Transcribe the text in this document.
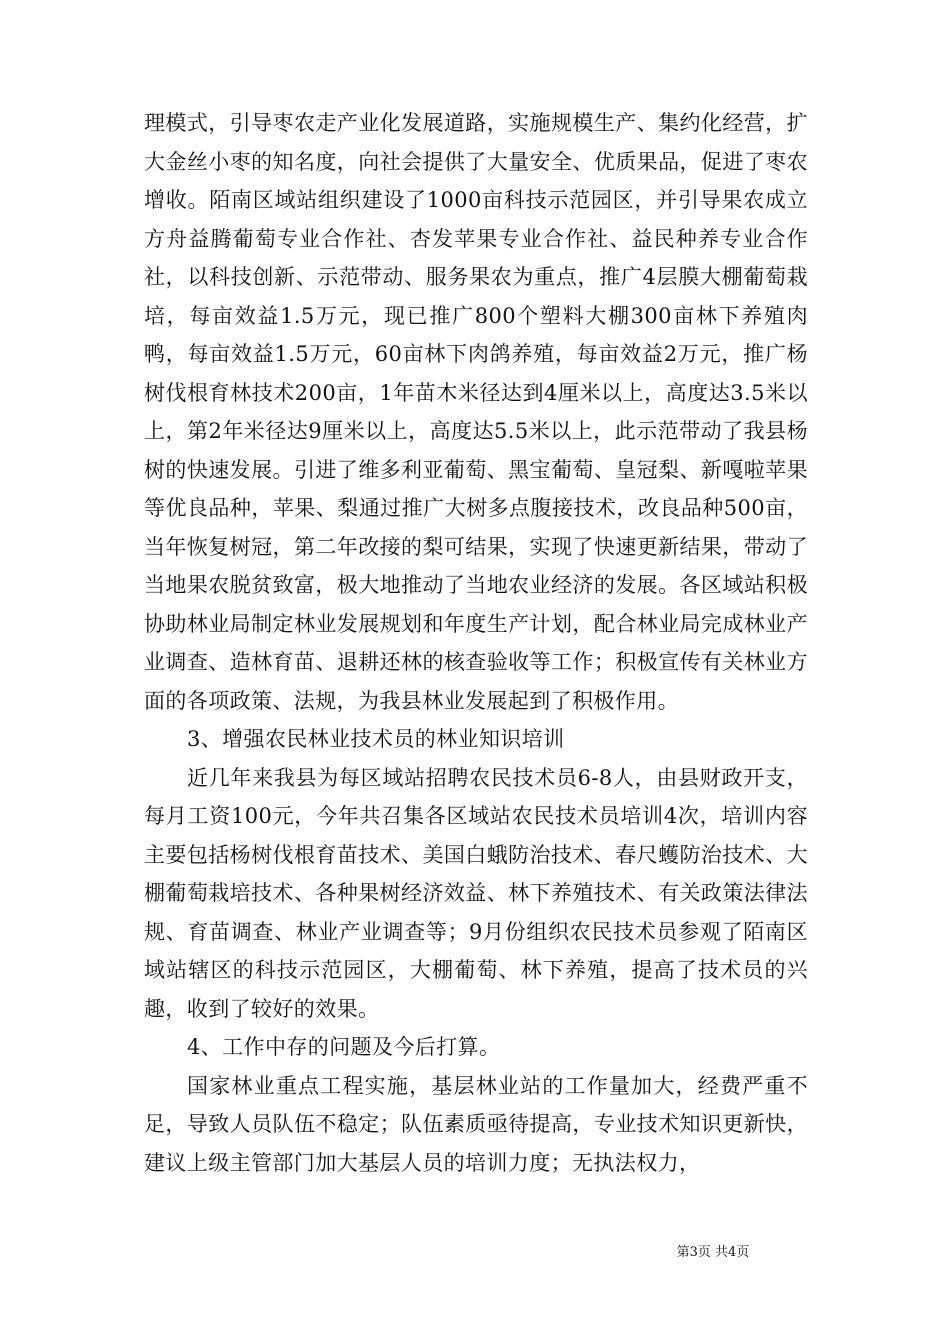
理模式，引导枣农走产业化发展道路，实施规模生产、集约化经营，扩大金丝小枣的知名度，向社会提供了大量安全、优质果品，促进了枣农增收。陌南区域站组织建设了1000亩科技示范园区，并引导果农成立方舟益腾葡萄专业合作社、杏发苹果专业合作社、益民种养专业合作社，以科技创新、示范带动、服务果农为重点，推广4层膜大棚葡萄栽培，每亩效益1.5万元，现已推广800个塑料大棚300亩林下养殖肉鸭，每亩效益1.5万元，60亩林下肉鸽养殖，每亩效益2万元，推广杨树伐根育林技术200亩，1年苗木米径达到4厘米以上，高度达3.5米以上，第2年米径达9厘米以上，高度达5.5米以上，此示范带动了我县杨树的快速发展。引进了维多利亚葡萄、黑宝葡萄、皇冠梨、新嘎啦苹果等优良品种，苹果、梨通过推广大树多点腹接技术，改良品种500亩，当年恢复树冠，第二年改接的梨可结果，实现了快速更新结果，带动了当地果农脱贫致富，极大地推动了当地农业经济的发展。各区域站积极协助林业局制定林业发展规划和年度生产计划，配合林业局完成林业产业调查、造林育苗、退耕还林的核查验收等工作；积极宣传有关林业方面的各项政策、法规，为我县林业发展起到了积极作用。

3、增强农民林业技术员的林业知识培训

近几年来我县为每区域站招聘农民技术员6-8人，由县财政开支，每月工资100元，今年共召集各区域站农民技术员培训4次，培训内容主要包括杨树伐根育苗技术、美国白蛾防治技术、春尺蠖防治技术、大棚葡萄栽培技术、各种果树经济效益、林下养殖技术、有关政策法律法规、育苗调查、林业产业调查等；9月份组织农民技术员参观了陌南区域站辖区的科技示范园区，大棚葡萄、林下养殖，提高了技术员的兴趣，收到了较好的效果。

4、工作中存的问题及今后打算。

国家林业重点工程实施，基层林业站的工作量加大，经费严重不足，导致人员队伍不稳定；队伍素质亟待提高，专业技术知识更新快，建议上级主管部门加大基层人员的培训力度；无执法权力，

第3页 共4页
